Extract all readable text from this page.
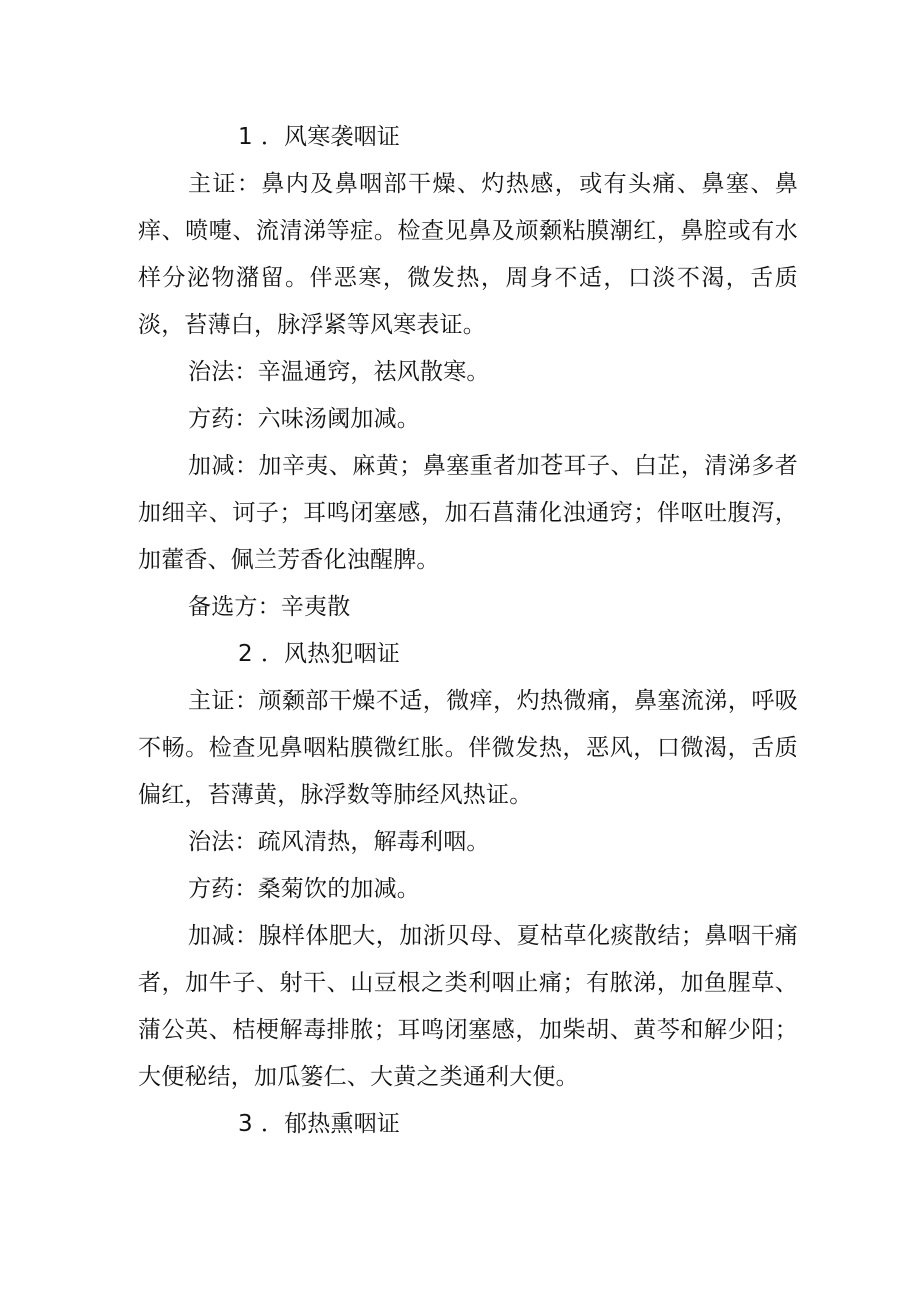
1 ．风寒袭咽证

主证：鼻内及鼻咽部干燥、灼热感，或有头痛、鼻塞、鼻痒、喷嚏、流清涕等症。检查见鼻及颃颡粘膜潮红，鼻腔或有水样分泌物潴留。伴恶寒，微发热，周身不适，口淡不渴，舌质淡，苔薄白，脉浮紧等风寒表证。

治法：辛温通窍，祛风散寒。

方药：六味汤阈加减。

加减：加辛夷、麻黄；鼻塞重者加苍耳子、白芷，清涕多者加细辛、诃子；耳鸣闭塞感，加石菖蒲化浊通窍；伴呕吐腹泻，加藿香、佩兰芳香化浊醒脾。

备选方：辛夷散

2 ．风热犯咽证

主证：颃颡部干燥不适，微痒，灼热微痛，鼻塞流涕，呼吸不畅。检查见鼻咽粘膜微红胀。伴微发热，恶风，口微渴，舌质偏红，苔薄黄，脉浮数等肺经风热证。

治法：疏风清热，解毒利咽。

方药：桑菊饮的加减。

加减：腺样体肥大，加浙贝母、夏枯草化痰散结；鼻咽干痛者，加牛子、射干、山豆根之类利咽止痛；有脓涕，加鱼腥草、蒲公英、桔梗解毒排脓；耳鸣闭塞感，加柴胡、黄芩和解少阳；大便秘结，加瓜篓仁、大黄之类通利大便。

3 ．郁热熏咽证
